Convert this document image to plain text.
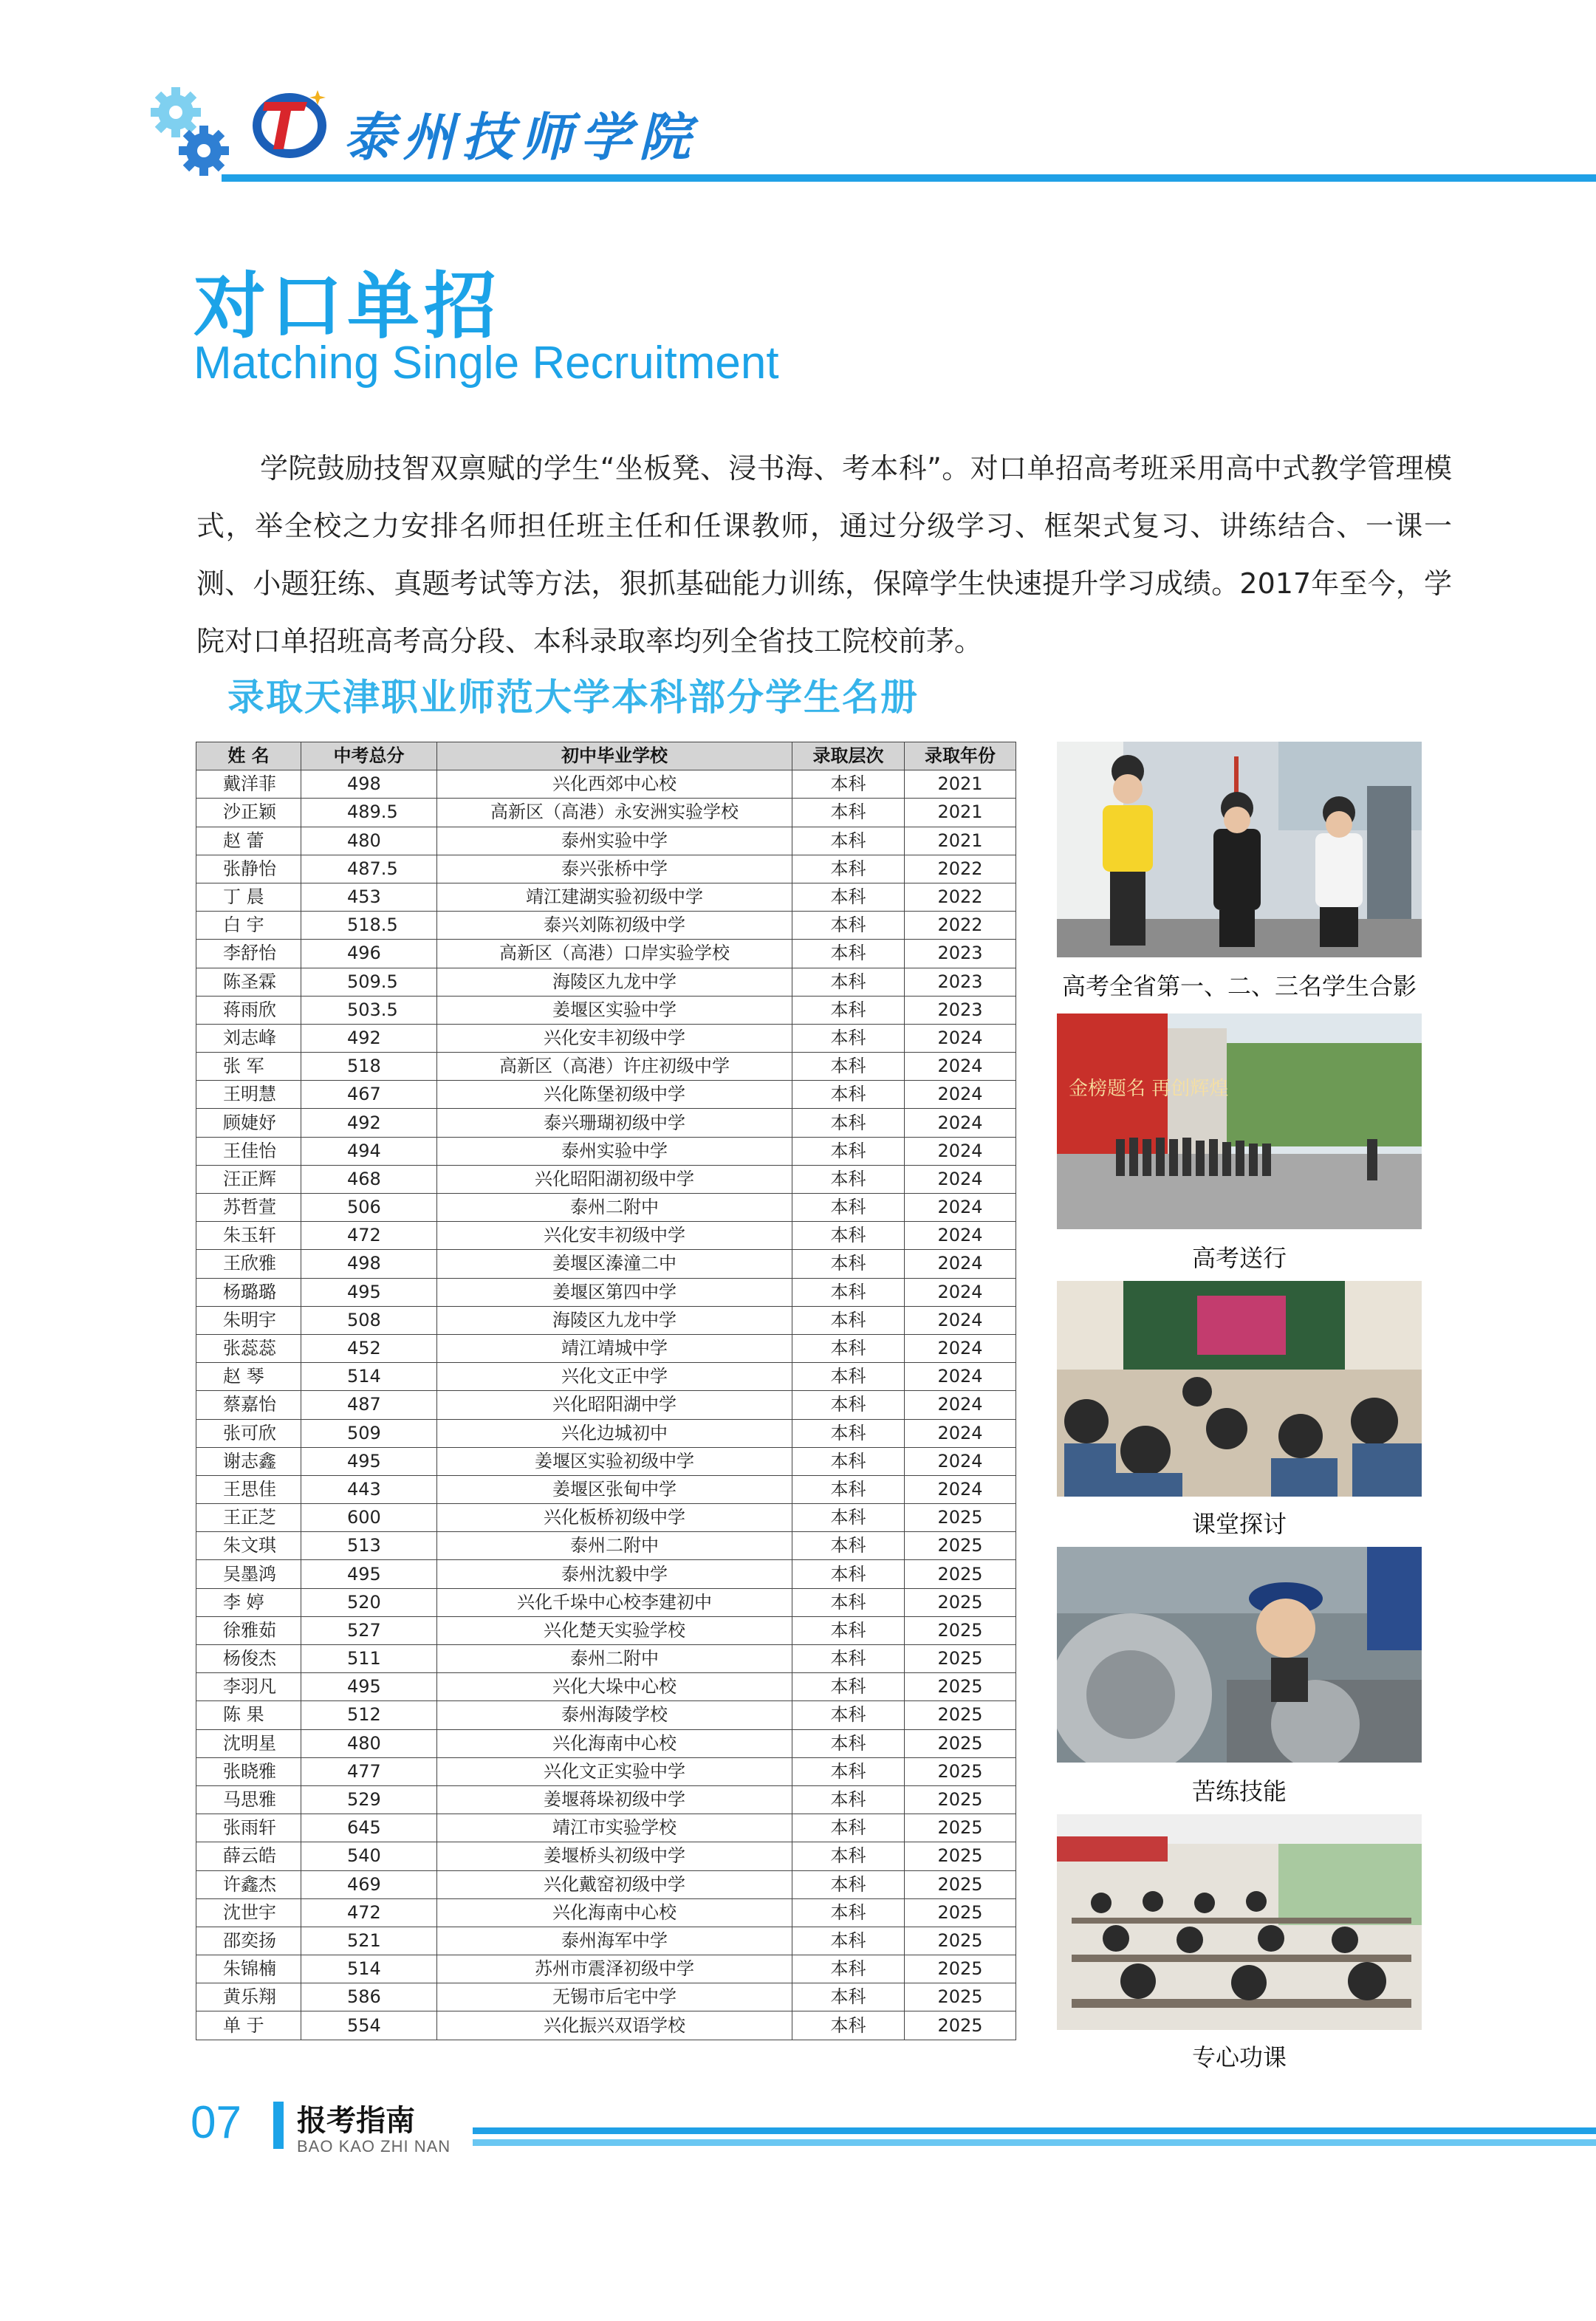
泰州技师学院
对口单招
Matching Single Recruitment
学院鼓励技智双禀赋的学生“坐板凳、浸书海、考本科”。对口单招高考班采用高中式教学管理模式，举全校之力安排名师担任班主任和任课教师，通过分级学习、框架式复习、讲练结合、一课一测、小题狂练、真题考试等方法，狠抓基础能力训练，保障学生快速提升学习成绩。2017年至今，学院对口单招班高考高分段、本科录取率均列全省技工院校前茅。
录取天津职业师范大学本科部分学生名册
姓 名	中考总分	初中毕业学校	录取层次	录取年份
戴洋菲	498	兴化西郊中心校	本科	2021
沙正颖	489.5	高新区（高港）永安洲实验学校	本科	2021
赵 蕾	480	泰州实验中学	本科	2021
张静怡	487.5	泰兴张桥中学	本科	2022
丁 晨	453	靖江建湖实验初级中学	本科	2022
白 宇	518.5	泰兴刘陈初级中学	本科	2022
李舒怡	496	高新区（高港）口岸实验学校	本科	2023
陈圣霖	509.5	海陵区九龙中学	本科	2023
蒋雨欣	503.5	姜堰区实验中学	本科	2023
刘志峰	492	兴化安丰初级中学	本科	2024
张 军	518	高新区（高港）许庄初级中学	本科	2024
王明慧	467	兴化陈堡初级中学	本科	2024
顾婕妤	492	泰兴珊瑚初级中学	本科	2024
王佳怡	494	泰州实验中学	本科	2024
汪正辉	468	兴化昭阳湖初级中学	本科	2024
苏哲萱	506	泰州二附中	本科	2024
朱玉轩	472	兴化安丰初级中学	本科	2024
王欣雅	498	姜堰区溱潼二中	本科	2024
杨璐璐	495	姜堰区第四中学	本科	2024
朱明宇	508	海陵区九龙中学	本科	2024
张蕊蕊	452	靖江靖城中学	本科	2024
赵 琴	514	兴化文正中学	本科	2024
蔡嘉怡	487	兴化昭阳湖中学	本科	2024
张可欣	509	兴化边城初中	本科	2024
谢志鑫	495	姜堰区实验初级中学	本科	2024
王思佳	443	姜堰区张甸中学	本科	2024
王正芝	600	兴化板桥初级中学	本科	2025
朱文琪	513	泰州二附中	本科	2025
吴墨鸿	495	泰州沈毅中学	本科	2025
李 婷	520	兴化千垛中心校李建初中	本科	2025
徐雅茹	527	兴化楚天实验学校	本科	2025
杨俊杰	511	泰州二附中	本科	2025
李羽凡	495	兴化大垛中心校	本科	2025
陈 果	512	泰州海陵学校	本科	2025
沈明星	480	兴化海南中心校	本科	2025
张晓雅	477	兴化文正实验中学	本科	2025
马思雅	529	姜堰蒋垛初级中学	本科	2025
张雨轩	645	靖江市实验学校	本科	2025
薛云皓	540	姜堰桥头初级中学	本科	2025
许鑫杰	469	兴化戴窑初级中学	本科	2025
沈世宇	472	兴化海南中心校	本科	2025
邵奕扬	521	泰州海军中学	本科	2025
朱锦楠	514	苏州市震泽初级中学	本科	2025
黄乐翔	586	无锡市后宅中学	本科	2025
单 于	554	兴化振兴双语学校	本科	2025
高考全省第一、二、三名学生合影
金榜题名 再创辉煌
高考送行
课堂探讨
苦练技能
专心功课
07 报考指南
BAO KAO ZHI NAN
